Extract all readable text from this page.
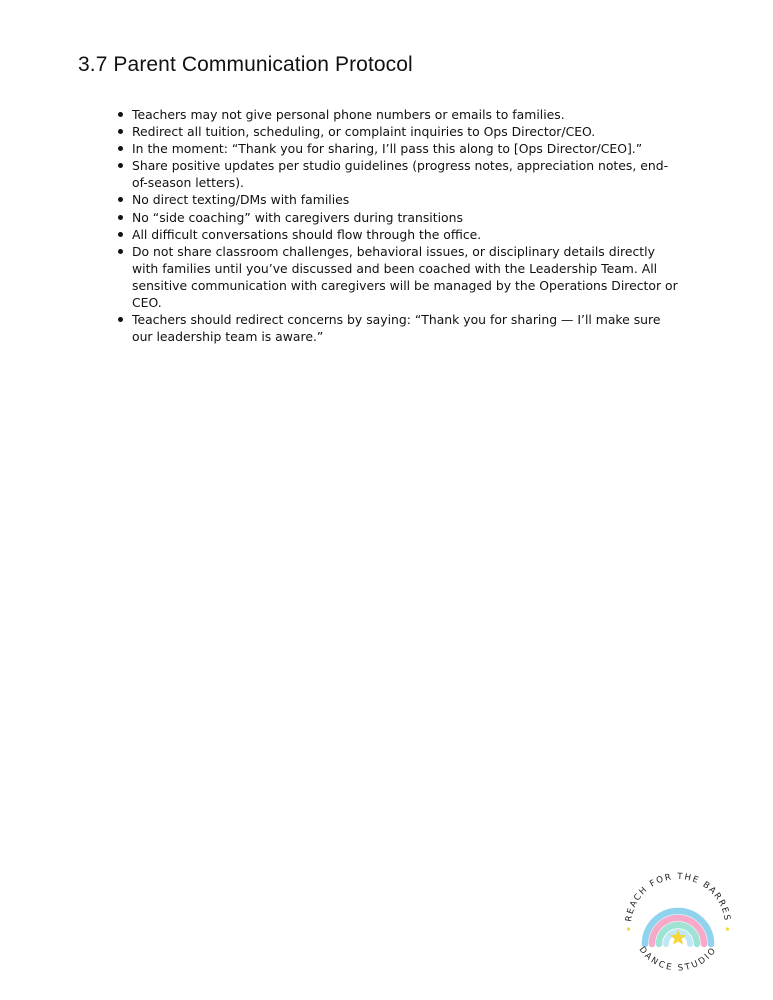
3.7 Parent Communication Protocol
Teachers may not give personal phone numbers or emails to families.
Redirect all tuition, scheduling, or complaint inquiries to Ops Director/CEO.
In the moment: “Thank you for sharing, I’ll pass this along to [Ops Director/CEO].”
Share positive updates per studio guidelines (progress notes, appreciation notes, end-of-season letters).
No direct texting/DMs with families
No “side coaching” with caregivers during transitions
All difficult conversations should flow through the office.
Do not share classroom challenges, behavioral issues, or disciplinary details directly with families until you’ve discussed and been coached with the Leadership Team. All sensitive communication with caregivers will be managed by the Operations Director or CEO.
Teachers should redirect concerns by saying: “Thank you for sharing — I’ll make sure our leadership team is aware.”
REACH FOR THE BARRES
DANCE STUDIO
